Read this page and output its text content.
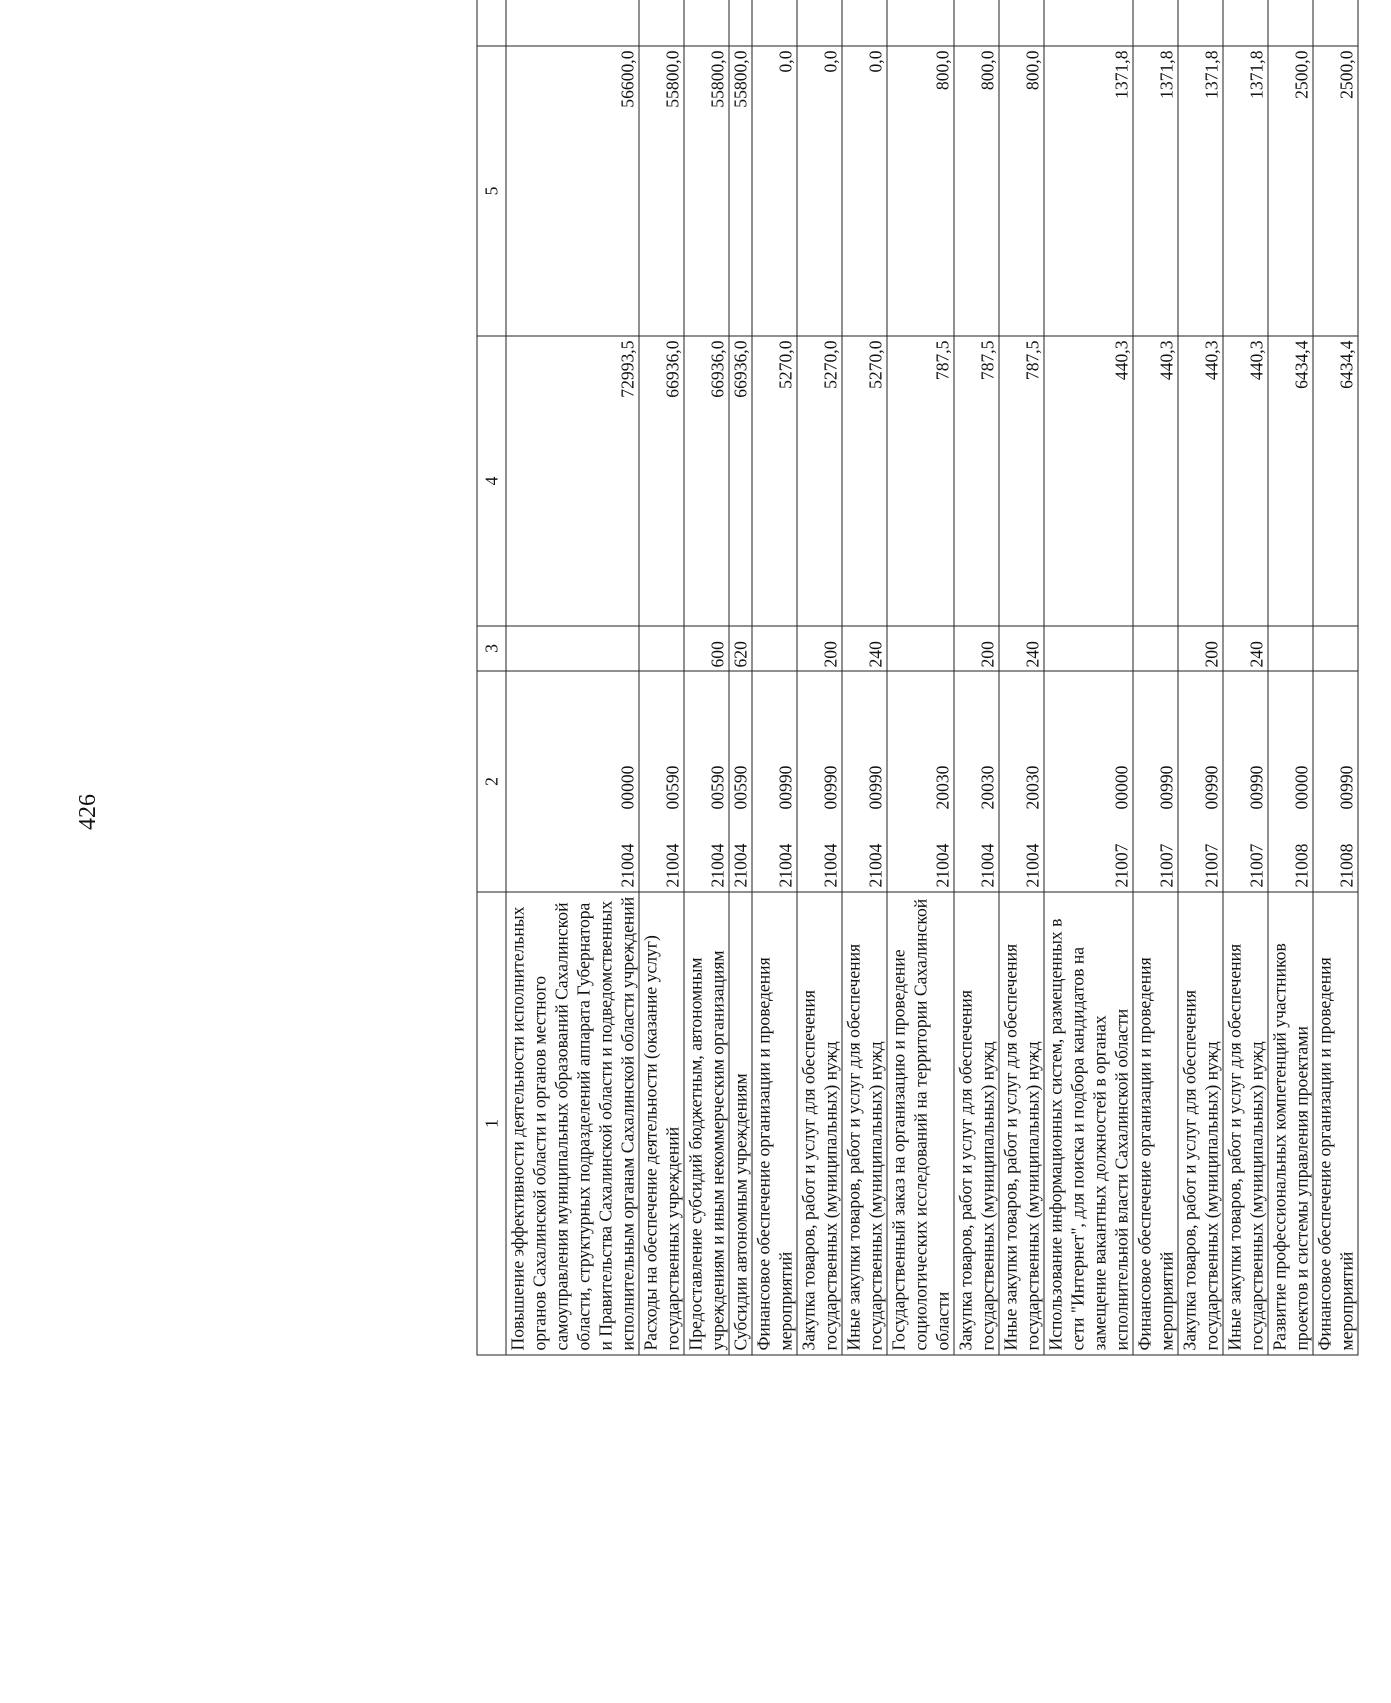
426
1	2	3	4	5	
Повышение эффективности деятельности исполнительных органов Сахалинской области и органов местного самоуправления муниципальных образований Сахалинской области, структурных подразделений аппарата Губернатора и Правительства Сахалинской области и подведомственных исполнительным органам Сахалинской области учреждений	2100400000		72993,5	56600,0	
Расходы на обеспечение деятельности (оказание услуг) государственных учреждений	2100400590		66936,0	55800,0	
Предоставление субсидий бюджетным, автономным учреждениям и иным некоммерческим организациям	2100400590	600	66936,0	55800,0	
Субсидии автономным учреждениям	2100400590	620	66936,0	55800,0	
Финансовое обеспечение организации и проведения мероприятий	2100400990		5270,0	0,0	
Закупка товаров, работ и услуг для обеспечения государственных (муниципальных) нужд	2100400990	200	5270,0	0,0	
Иные закупки товаров, работ и услуг для обеспечения государственных (муниципальных) нужд	2100400990	240	5270,0	0,0	
Государственный заказ на организацию и проведение социологических исследований на территории Сахалинской области	2100420030		787,5	800,0	
Закупка товаров, работ и услуг для обеспечения государственных (муниципальных) нужд	2100420030	200	787,5	800,0	
Иные закупки товаров, работ и услуг для обеспечения государственных (муниципальных) нужд	2100420030	240	787,5	800,0	
Использование информационных систем, размещенных в сети "Интернет", для поиска и подбора кандидатов на замещение вакантных должностей в органах исполнительной власти Сахалинской области	2100700000		440,3	1371,8	
Финансовое обеспечение организации и проведения мероприятий	2100700990		440,3	1371,8	
Закупка товаров, работ и услуг для обеспечения государственных (муниципальных) нужд	2100700990	200	440,3	1371,8	
Иные закупки товаров, работ и услуг для обеспечения государственных (муниципальных) нужд	2100700990	240	440,3	1371,8	
Развитие профессиональных компетенций участников проектов и системы управления проектами	2100800000		6434,4	2500,0	
Финансовое обеспечение организации и проведения мероприятий	2100800990		6434,4	2500,0	
